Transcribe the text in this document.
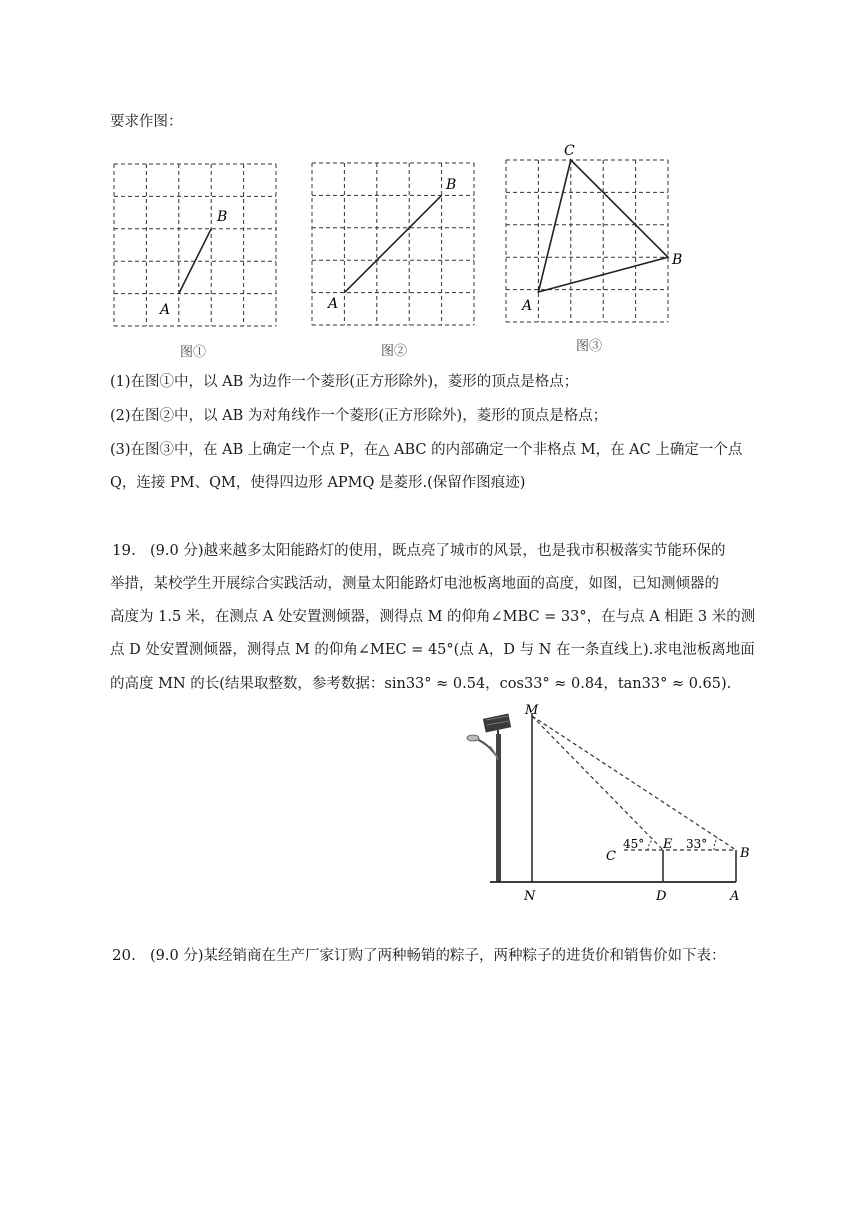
要求作图：
B
A
图①
B
A
图②
C
B
A
图③
(1)在图①中，以 AB 为边作一个菱形(正方形除外)，菱形的顶点是格点；
(2)在图②中，以 AB 为对角线作一个菱形(正方形除外)，菱形的顶点是格点；
(3)在图③中，在 AB 上确定一个点 P，在△ ABC 的内部确定一个非格点 M，在 AC 上确定一个点
Q，连接 PM、QM，使得四边形 APMQ 是菱形.(保留作图痕迹)
19. (9.0 分)越来越多太阳能路灯的使用，既点亮了城市的风景，也是我市积极落实节能环保的
举措，某校学生开展综合实践活动，测量太阳能路灯电池板离地面的高度，如图，已知测倾器的
高度为 1.5 米，在测点 A 处安置测倾器，测得点 M 的仰角∠MBC = 33°，在与点 A 相距 3 米的测
点 D 处安置测倾器，测得点 M 的仰角∠MEC = 45°(点 A，D 与 N 在一条直线上).求电池板离地面
的高度 MN 的长(结果取整数，参考数据：sin33° ≈ 0.54，cos33° ≈ 0.84，tan33° ≈ 0.65).
M
N
C
E
B
D	A
45°	33°
20. (9.0 分)某经销商在生产厂家订购了两种畅销的粽子，两种粽子的进货价和销售价如下表：
